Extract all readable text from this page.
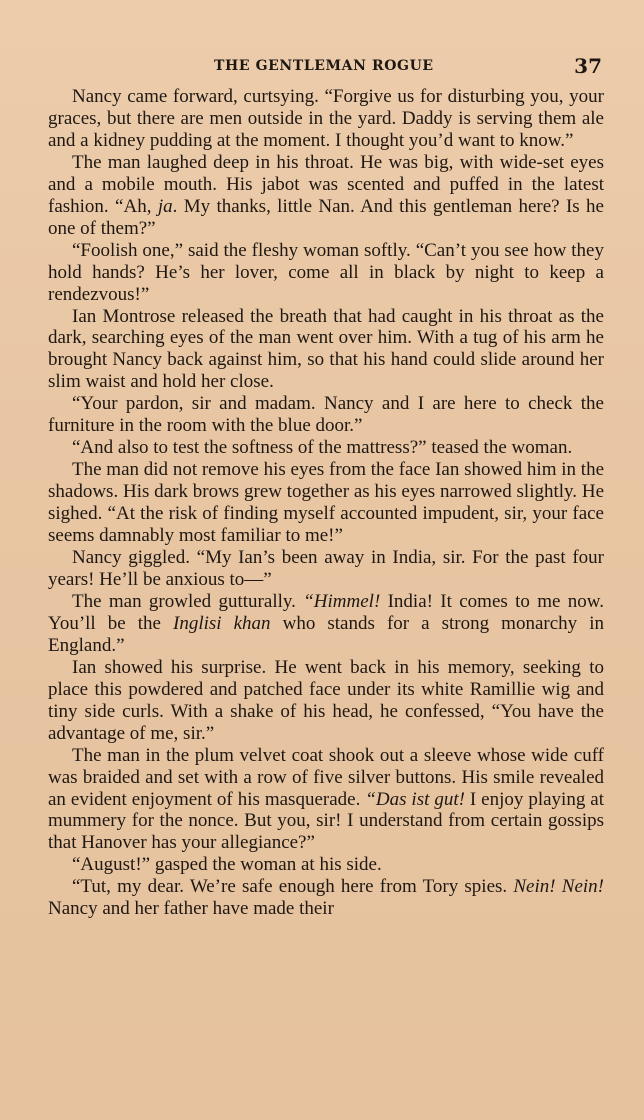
THE GENTLEMAN ROGUE	37

Nancy came forward, curtsying. “Forgive us for disturbing you, your graces, but there are men outside in the yard. Daddy is serving them ale and a kidney pudding at the moment. I thought you’d want to know.”

The man laughed deep in his throat. He was big, with wide-set eyes and a mobile mouth. His jabot was scented and puffed in the latest fashion. “Ah, ja. My thanks, little Nan. And this gentleman here? Is he one of them?”

“Foolish one,” said the fleshy woman softly. “Can’t you see how they hold hands? He’s her lover, come all in black by night to keep a rendezvous!”

Ian Montrose released the breath that had caught in his throat as the dark, searching eyes of the man went over him. With a tug of his arm he brought Nancy back against him, so that his hand could slide around her slim waist and hold her close.

“Your pardon, sir and madam. Nancy and I are here to check the furniture in the room with the blue door.”

“And also to test the softness of the mattress?” teased the woman.

The man did not remove his eyes from the face Ian showed him in the shadows. His dark brows grew together as his eyes narrowed slightly. He sighed. “At the risk of finding myself accounted impudent, sir, your face seems damnably most familiar to me!”

Nancy giggled. “My Ian’s been away in India, sir. For the past four years! He’ll be anxious to—”

The man growled gutturally. “Himmel! India! It comes to me now. You’ll be the Inglisi khan who stands for a strong monarchy in England.”

Ian showed his surprise. He went back in his memory, seeking to place this powdered and patched face under its white Ramillie wig and tiny side curls. With a shake of his head, he confessed, “You have the advantage of me, sir.”

The man in the plum velvet coat shook out a sleeve whose wide cuff was braided and set with a row of five silver buttons. His smile revealed an evident enjoyment of his masquerade. “Das ist gut! I enjoy playing at mummery for the nonce. But you, sir! I understand from certain gossips that Hanover has your allegiance?”

“August!” gasped the woman at his side.

“Tut, my dear. We’re safe enough here from Tory spies. Nein! Nein! Nancy and her father have made their
